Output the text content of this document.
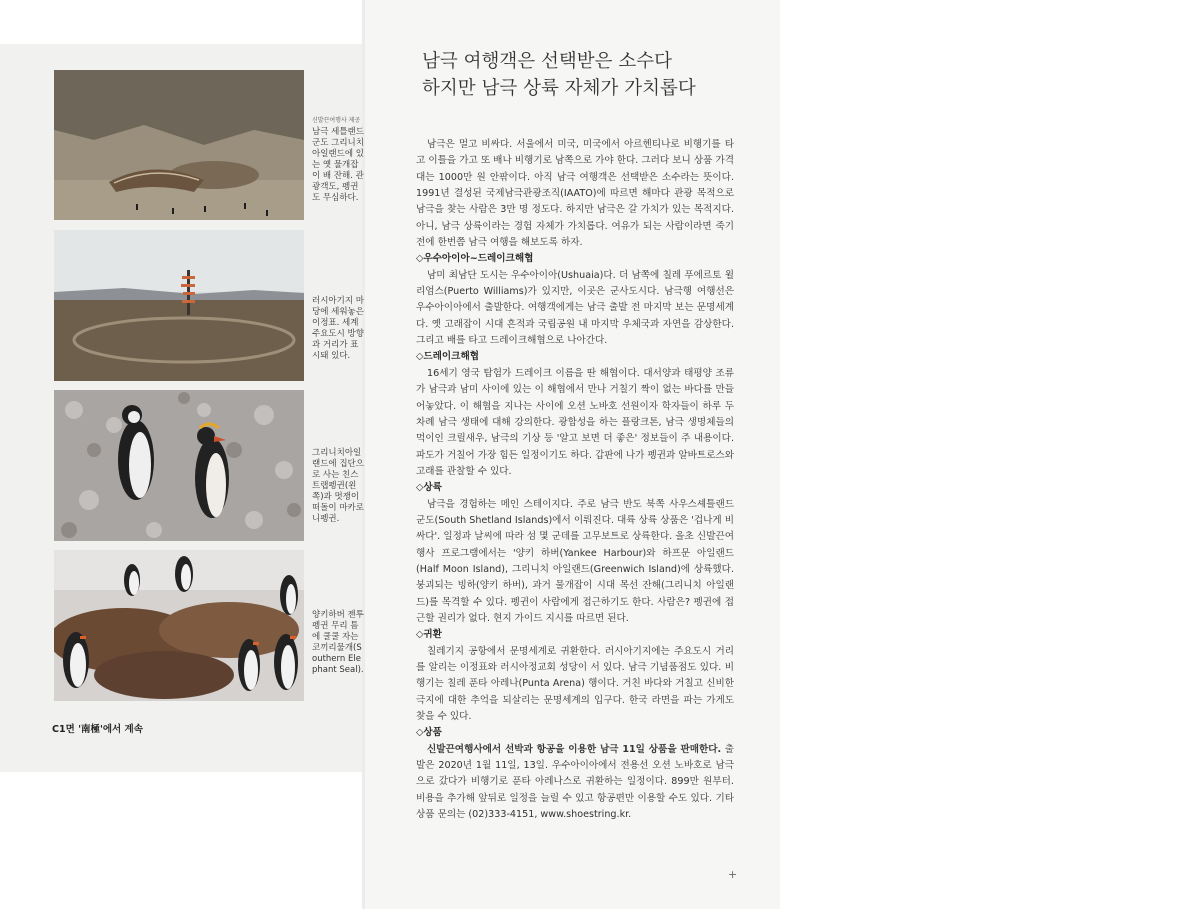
신발끈여행사 제공
남극 세틀랜드군도 그리니치아일랜드에 있는 옛 물개잡이 배 잔해. 관광객도, 펭귄도 무심하다.
러시아기지 마당에 세워놓은 이정표. 세계 주요도시 방향과 거리가 표시돼 있다.
그리니치아일랜드에 집단으로 사는 친스트랩펭귄(왼쪽)과 멋쟁이 떠돌이 마카로니펭귄.
양키하버 젠투펭귄 무리 틈에 쿨쿨 자는 코끼리물개(Southern Elephant Seal).
C1면 '南極'에서 계속
남극 여행객은 선택받은 소수다
하지만 남극 상륙 자체가 가치롭다

남극은 멀고 비싸다. 서울에서 미국, 미국에서 아르헨티나로 비행기를 타고 이틀을 가고 또 배나 비행기로 남쪽으로 가야 한다. 그러다 보니 상품 가격대는 1000만 원 안팎이다. 아직 남극 여행객은 선택받은 소수라는 뜻이다. 1991년 결성된 국제남극관광조직(IAATO)에 따르면 해마다 관광 목적으로 남극을 찾는 사람은 3만 명 정도다. 하지만 남극은 갈 가치가 있는 목적지다. 아니, 남극 상륙이라는 경험 자체가 가치롭다. 여유가 되는 사람이라면 죽기 전에 한번쯤 남극 여행을 해보도록 하자.

◇우수아이아~드레이크해협

남미 최남단 도시는 우수아이아(Ushuaia)다. 더 남쪽에 칠레 푸에르토 윌리엄스(Puerto Williams)가 있지만, 이곳은 군사도시다. 남극행 여행선은 우수아이아에서 출발한다. 여행객에게는 남극 출발 전 마지막 보는 문명세계다. 옛 고래잡이 시대 흔적과 국립공원 내 마지막 우체국과 자연을 감상한다. 그리고 배를 타고 드레이크해협으로 나아간다.

◇드레이크해협

16세기 영국 탐험가 드레이크 이름을 딴 해협이다. 대서양과 태평양 조류가 남극과 남미 사이에 있는 이 해협에서 만나 거칠기 짝이 없는 바다를 만들어놓았다. 이 해협을 지나는 사이에 오션 노바호 선원이자 학자들이 하루 두 차례 남극 생태에 대해 강의한다. 광합성을 하는 플랑크톤, 남극 생명체들의 먹이인 크릴새우, 남극의 기상 등 '알고 보면 더 좋은' 정보들이 주 내용이다. 파도가 거칠어 가장 힘든 일정이기도 하다. 갑판에 나가 펭귄과 알바트로스와 고래를 관찰할 수 있다.

◇상륙

남극을 경험하는 메인 스테이지다. 주로 남극 반도 북쪽 사우스셰틀랜드 군도(South Shetland Islands)에서 이뤄진다. 대륙 상륙 상품은 '겁나게 비싸다'. 일정과 날씨에 따라 섬 몇 군데를 고무보트로 상륙한다. 올초 신발끈여행사 프로그램에서는 '양키 하버(Yankee Harbour)와 하프문 아일랜드(Half Moon Island), 그리니치 아일랜드(Greenwich Island)에 상륙했다. 붕괴되는 빙하(양키 하버), 과거 물개잡이 시대 목선 잔해(그리니치 아일랜드)를 목격할 수 있다. 펭귄이 사람에게 접근하기도 한다. 사람은? 펭귄에 접근할 권리가 없다. 현지 가이드 지시를 따르면 된다.

◇귀환

칠레기지 공항에서 문명세계로 귀환한다. 러시아기지에는 주요도시 거리를 알리는 이정표와 러시아정교회 성당이 서 있다. 남극 기념품점도 있다. 비행기는 칠레 푼타 아레나(Punta Arena) 행이다. 거친 바다와 거칠고 신비한 극지에 대한 추억을 되살리는 문명세계의 입구다. 한국 라면을 파는 가게도 찾을 수 있다.

◇상품

신발끈여행사에서 선박과 항공을 이용한 남극 11일 상품을 판매한다. 출발은 2020년 1월 11일, 13일. 우수아이아에서 전용선 오션 노바호로 남극으로 갔다가 비행기로 푼타 아레나스로 귀환하는 일정이다. 899만 원부터. 비용을 추가해 앞뒤로 일정을 늘릴 수 있고 항공편만 이용할 수도 있다. 기타 상품 문의는 (02)333-4151, www.shoestring.kr.

+
